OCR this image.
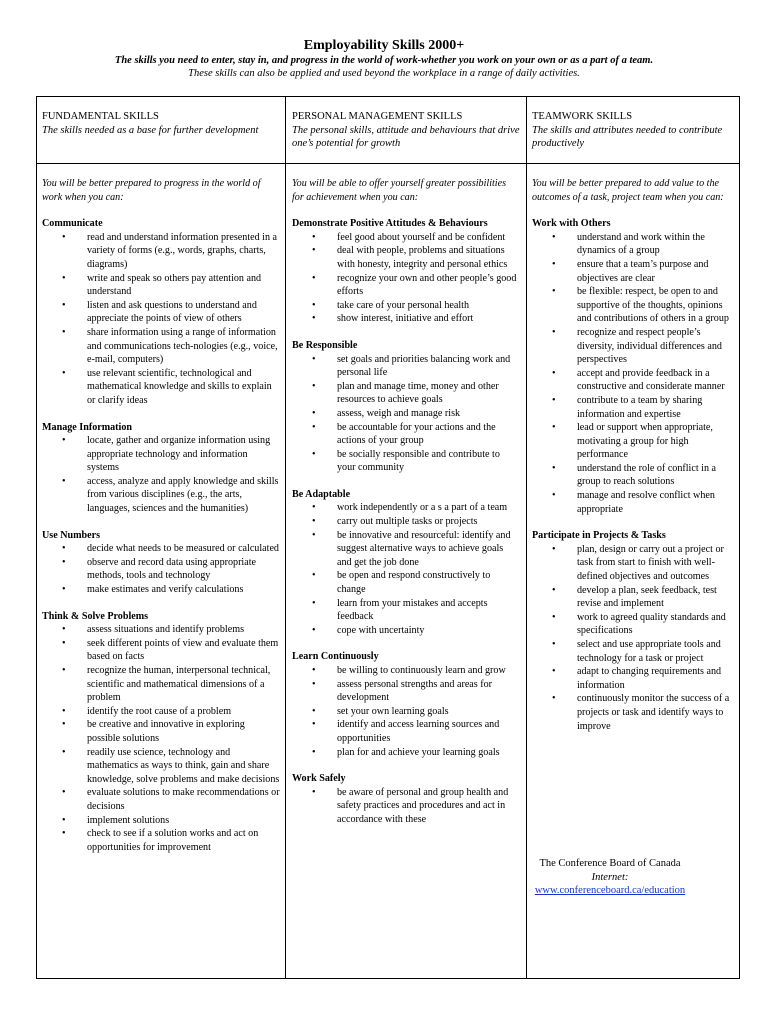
Employability Skills 2000+
The skills you need to enter, stay in, and progress in the world of work-whether you work on your own or as a part of a team.
These skills can also be applied and used beyond the workplace in a range of daily activities.
FUNDAMENTAL SKILLS
The skills needed as a base for further development
PERSONAL MANAGEMENT SKILLS
The personal skills, attitude and behaviours that drive one’s potential for growth
TEAMWORK SKILLS
The skills and attributes needed to contribute productively

You will be better prepared to progress in the world of work when you can:

Communicate

• read and understand information presented in a variety of forms (e.g., words, graphs, charts, diagrams)
• write and speak so others pay attention and understand
• listen and ask questions to understand and appreciate the points of view of others
• share information using a range of information and communications tech-nologies (e.g., voice, e-mail, computers)
• use relevant scientific, technological and mathematical knowledge and skills to explain or clarify ideas

Manage Information

• locate, gather and organize information using appropriate technology and information systems
• access, analyze and apply knowledge and skills from various disciplines (e.g., the arts, languages, sciences and the humanities)

Use Numbers

• decide what needs to be measured or calculated
• observe and record data using appropriate methods, tools and technology
• make estimates and verify calculations

Think & Solve Problems

• assess situations and identify problems
• seek different points of view and evaluate them based on facts
• recognize the human, interpersonal technical, scientific and mathematical dimensions of a problem
• identify the root cause of a problem
• be creative and innovative in exploring possible solutions
• readily use science, technology and mathematics as ways to think, gain and share knowledge, solve problems and make decisions
• evaluate solutions to make recommendations or decisions
• implement solutions
• check to see if a solution works and act on opportunities for improvement

You will be able to offer yourself greater possibilities for achievement when you can:

Demonstrate Positive Attitudes & Behaviours

• feel good about yourself and be confident
• deal with people, problems and situations with honesty, integrity and personal ethics
• recognize your own and other people’s good efforts
• take care of your personal health
• show interest, initiative and effort

Be Responsible

• set goals and priorities balancing work and personal life
• plan and manage time, money and other resources to achieve goals
• assess, weigh and manage risk
• be accountable for your actions and the actions of your group
• be socially responsible and contribute to your community

Be Adaptable

• work independently or a s a part of a team
• carry out multiple tasks or projects
• be innovative and resourceful: identify and suggest alternative ways to achieve goals and get the job done
• be open and respond constructively to change
• learn from your mistakes and accepts feedback
• cope with uncertainty

Learn Continuously

• be willing to continuously learn and grow
• assess personal strengths and areas for development
• set your own learning goals
• identify and access learning sources and opportunities
• plan for and achieve your learning goals

Work Safely

• be aware of personal and group health and safety practices and procedures and act in accordance with these

You will be better prepared to add value to the outcomes of a task, project team when you can:

Work with Others

• understand and work within the dynamics of a group
• ensure that a team’s purpose and objectives are clear
• be flexible: respect, be open to and supportive of the thoughts, opinions and contributions of others in a group
• recognize and respect people’s diversity, individual differences and perspectives
• accept and provide feedback in a constructive and considerate manner
• contribute to a team by sharing information and expertise
• lead or support when appropriate, motivating a group for high performance
• understand the role of conflict in a group to reach solutions
• manage and resolve conflict when appropriate

Participate in Projects & Tasks

• plan, design or carry out a project or task from start to finish with well-defined objectives and outcomes
• develop a plan, seek feedback, test revise and implement
• work to agreed quality standards and specifications
• select and use appropriate tools and technology for a task or project
• adapt to changing requirements and information
• continuously monitor the success of a projects or task and identify ways to improve
The Conference Board of Canada
Internet:
www.conferenceboard.ca/education
